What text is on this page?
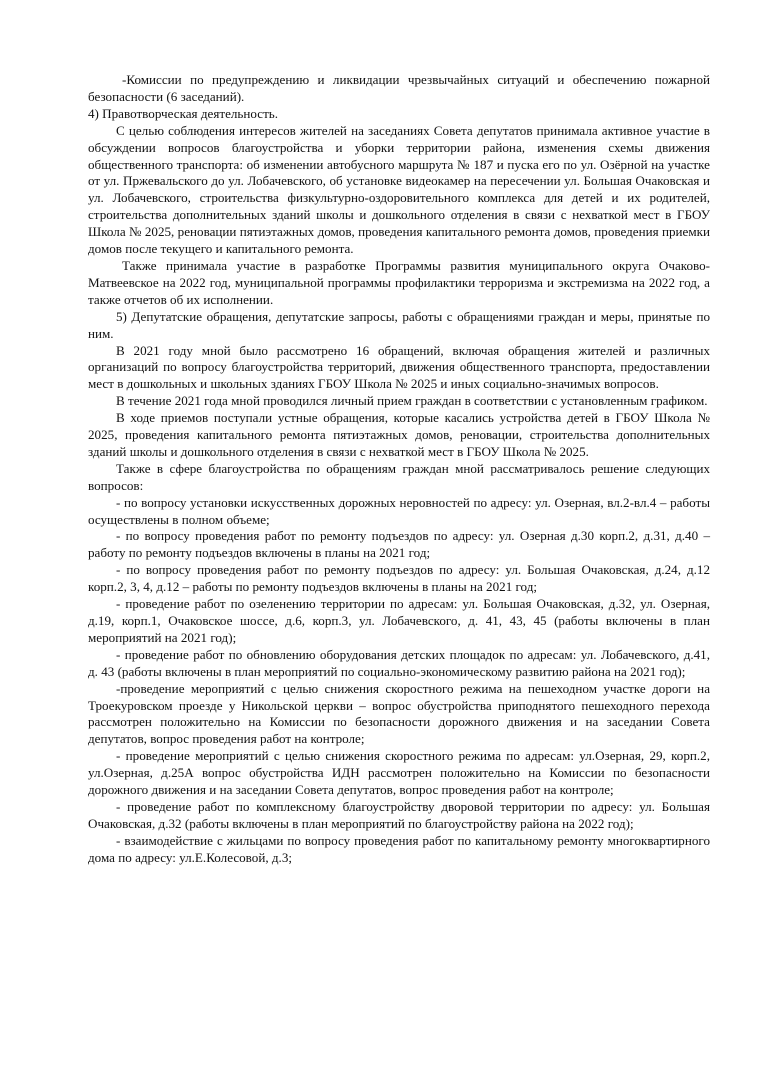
-Комиссии по предупреждению и ликвидации чрезвычайных ситуаций и обеспечению пожарной безопасности (6 заседаний).

4) Правотворческая деятельность.

С целью соблюдения интересов жителей на заседаниях Совета депутатов принимала активное участие в обсуждении вопросов благоустройства и уборки территории района, изменения схемы движения общественного транспорта: об изменении автобусного маршрута № 187 и пуска его по ул. Озёрной на участке от ул. Пржевальского до ул. Лобачевского, об установке видеокамер на пересечении ул. Большая Очаковская и ул. Лобачевского, строительства физкультурно-оздоровительного комплекса для детей и их родителей, строительства дополнительных зданий школы и дошкольного отделения в связи с нехваткой мест в ГБОУ Школа № 2025, реновации пятиэтажных домов, проведения капитального ремонта домов, проведения приемки домов после текущего и капитального ремонта.

Также принимала участие в разработке Программы развития муниципального округа Очаково-Матвеевское на 2022 год, муниципальной программы профилактики терроризма и экстремизма на 2022 год, а также отчетов об их исполнении.

5) Депутатские обращения, депутатские запросы, работы с обращениями граждан и меры, принятые по ним.

В 2021 году мной было рассмотрено 16 обращений, включая обращения жителей и различных организаций по вопросу благоустройства территорий, движения общественного транспорта, предоставлении мест в дошкольных и школьных зданиях ГБОУ Школа № 2025 и иных социально-значимых вопросов.

В течение 2021 года мной проводился личный прием граждан в соответствии с установленным графиком.

В ходе приемов поступали устные обращения, которые касались устройства детей в ГБОУ Школа № 2025, проведения капитального ремонта пятиэтажных домов, реновации, строительства дополнительных зданий школы и дошкольного отделения в связи с нехваткой мест в ГБОУ Школа № 2025.

Также в сфере благоустройства по обращениям граждан мной рассматривалось решение следующих вопросов:

- по вопросу установки искусственных дорожных неровностей по адресу: ул. Озерная, вл.2-вл.4 – работы осуществлены в полном объеме;

- по вопросу проведения работ по ремонту подъездов по адресу: ул. Озерная д.30 корп.2, д.31, д.40 – работу по ремонту подъездов включены в планы на 2021 год;

- по вопросу проведения работ по ремонту подъездов по адресу: ул. Большая Очаковская, д.24, д.12 корп.2, 3, 4, д.12 – работы по ремонту подъездов включены в планы на 2021 год;

- проведение работ по озеленению территории по адресам: ул. Большая Очаковская, д.32, ул. Озерная, д.19, корп.1, Очаковское шоссе, д.6, корп.3, ул. Лобачевского, д. 41, 43, 45 (работы включены в план мероприятий на 2021 год);

- проведение работ по обновлению оборудования детских площадок по адресам: ул. Лобачевского, д.41, д. 43 (работы включены в план мероприятий по социально-экономическому развитию района на 2021 год);

-проведение мероприятий с целью снижения скоростного режима на пешеходном участке дороги на Троекуровском проезде у Никольской церкви – вопрос обустройства приподнятого пешеходного перехода рассмотрен положительно на Комиссии по безопасности дорожного движения и на заседании Совета депутатов, вопрос проведения работ на контроле;

- проведение мероприятий с целью снижения скоростного режима по адресам: ул.Озерная, 29, корп.2, ул.Озерная, д.25А вопрос обустройства ИДН рассмотрен положительно на Комиссии по безопасности дорожного движения и на заседании Совета депутатов, вопрос проведения работ на контроле;

- проведение работ по комплексному благоустройству дворовой территории по адресу: ул. Большая Очаковская, д.32 (работы включены в план мероприятий по благоустройству района на 2022 год);

- взаимодействие с жильцами по вопросу проведения работ по капитальному ремонту многоквартирного дома по адресу: ул.Е.Колесовой, д.3;
